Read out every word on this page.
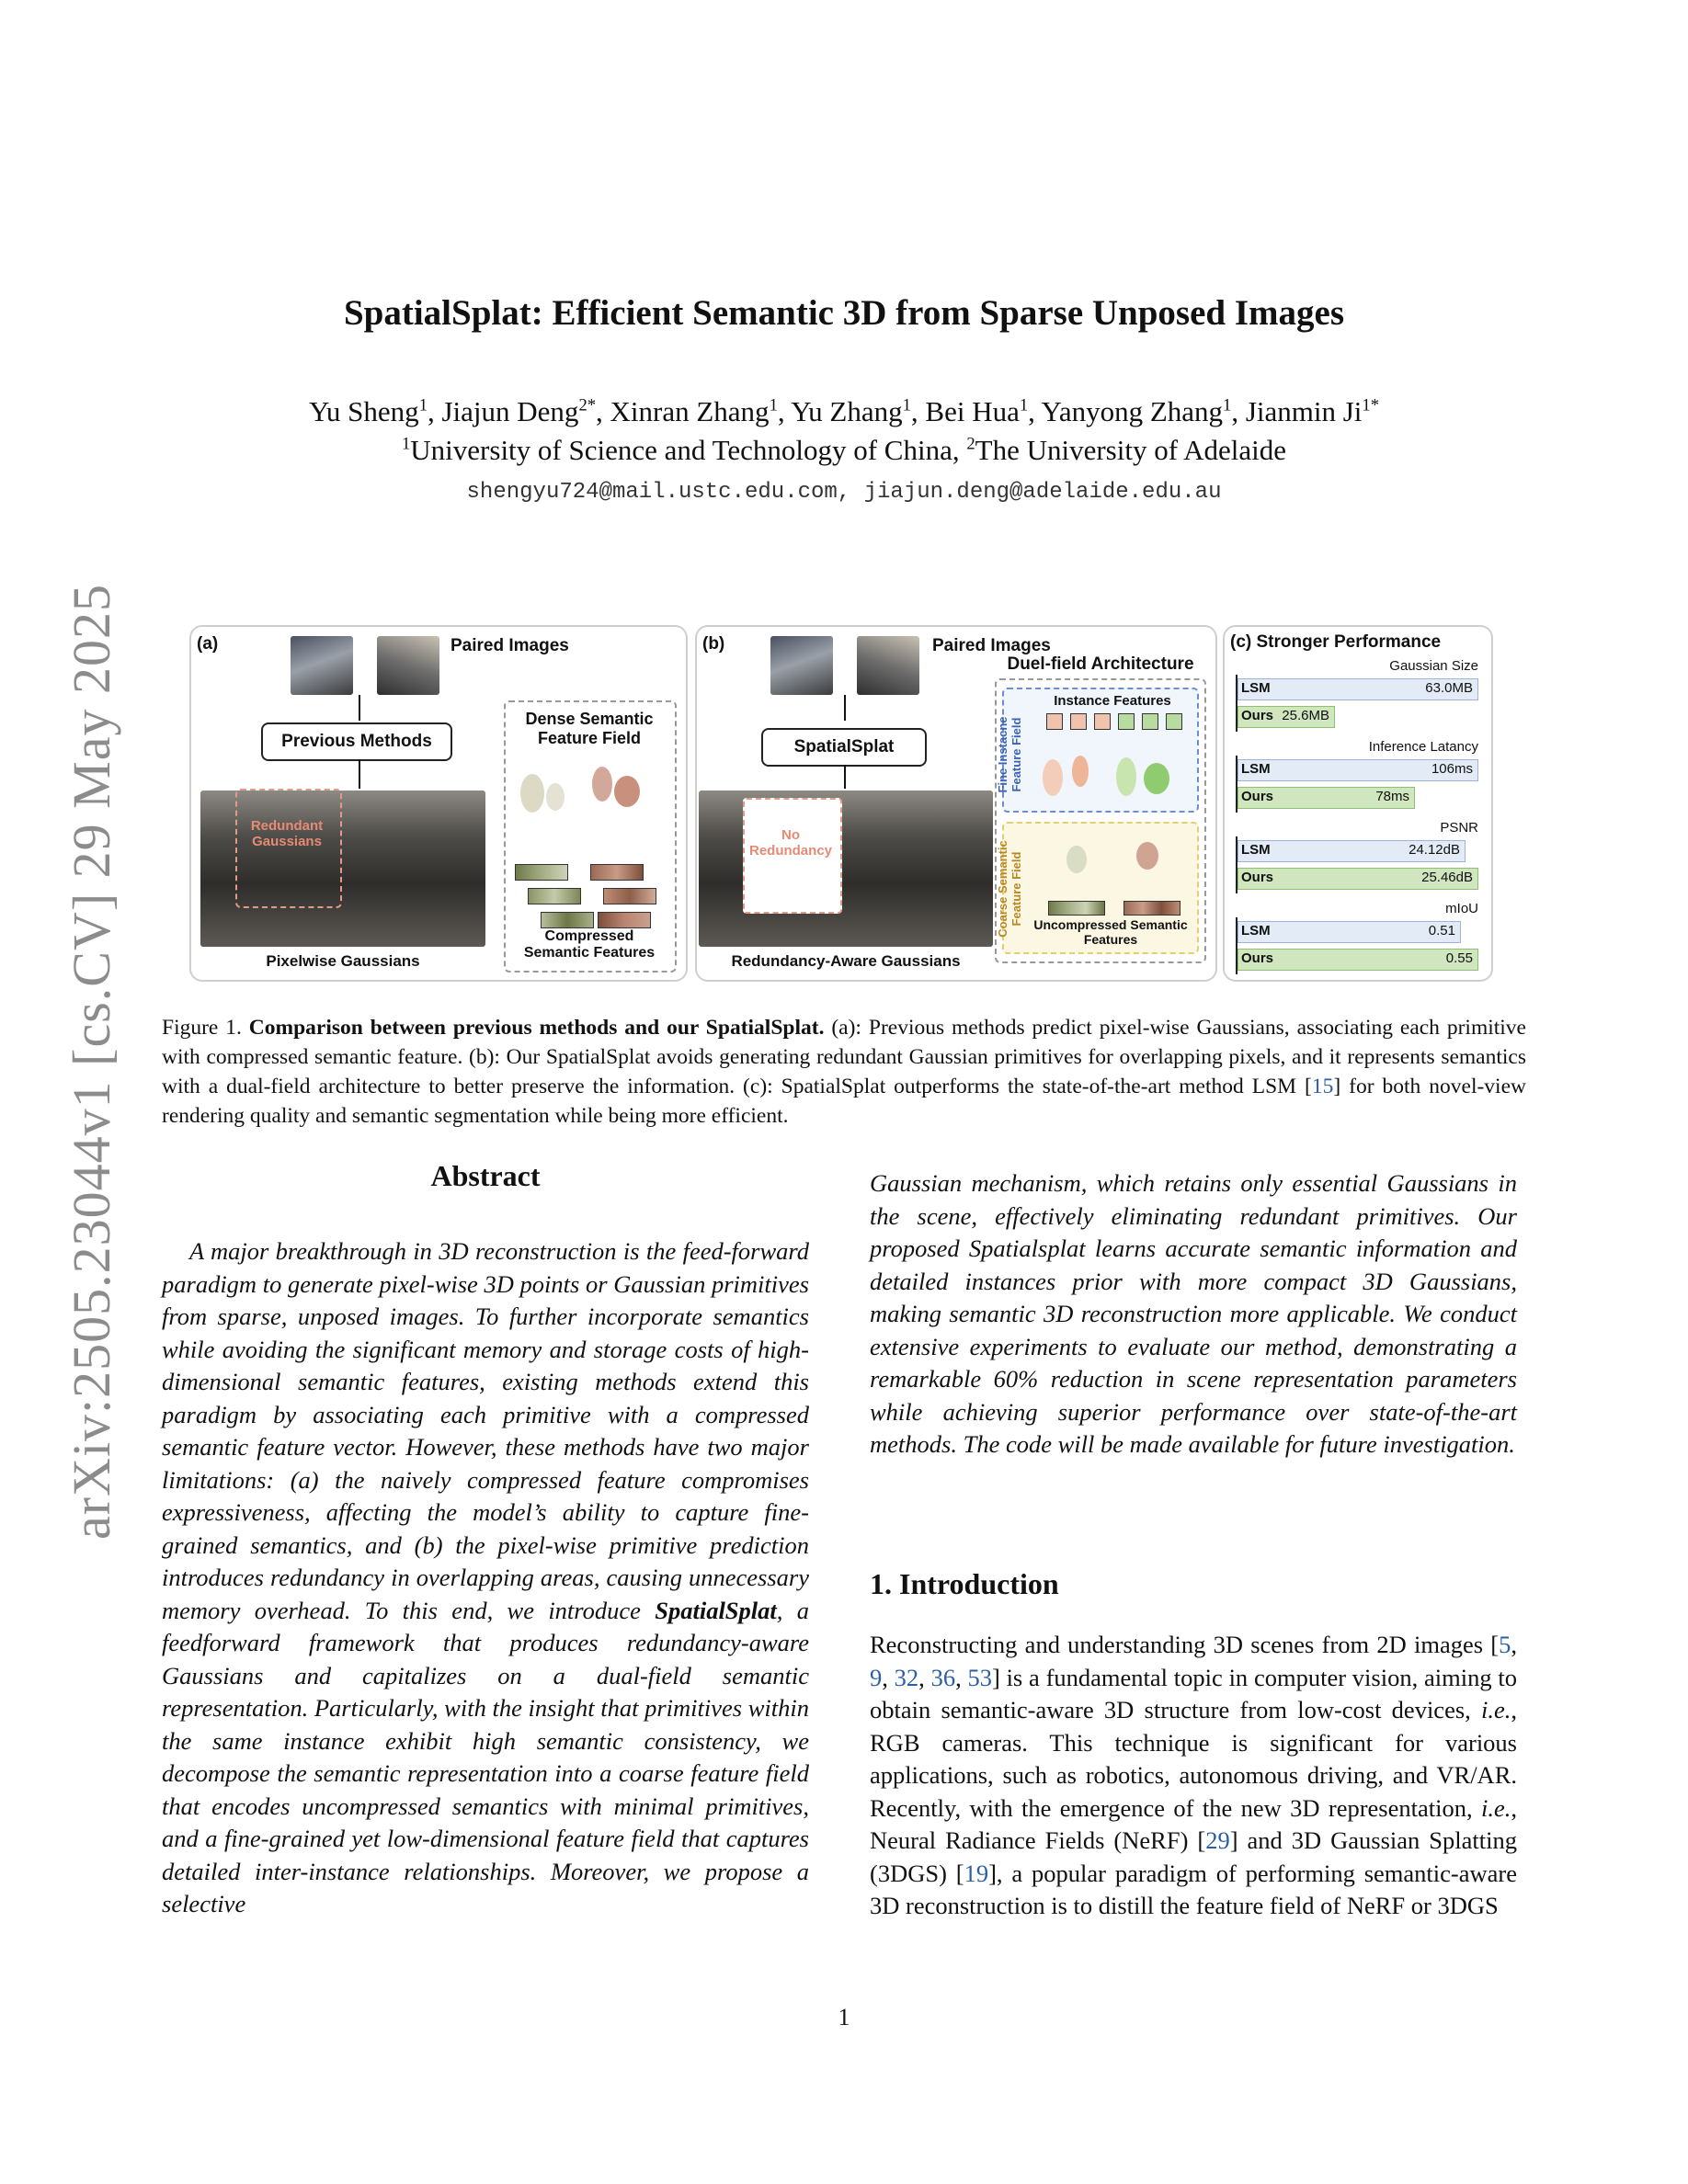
arXiv:2505.23044v1 [cs.CV] 29 May 2025
SpatialSplat: Efficient Semantic 3D from Sparse Unposed Images
Yu Sheng$^1$, Jiajun Deng$^{2*}$, Xinran Zhang$^1$, Yu Zhang$^1$, Bei Hua$^1$, Yanyong Zhang$^1$, Jianmin $Ji^{1*}$
$^1$University of Science and Technology of China, $^2$The University of Adelaide
shengyu724@mail.ustc.edu.com, jiajun.deng@adelaide.edu.au
(a)	Paired Images
Previous Methods
Redundant Gaussians
Dense Semantic Feature Field
Compressed Semantic Features
Pixelwise Gaussians
(b)	Paired Images
SpatialSplat
No Redundancy
Redundancy-Aware Gaussians
Duel-field Architecture
Instance Features
Fine Instacne Feature Field
Coarse Semantic Feature Field Uncompressed Semantic Features
(c) Stronger Performance
Gaussian Size
LSM	63.0MB
Ours 25.6MB
Inference Latancy
LSM	106ms
Ours	78ms
PSNR
LSM	24.12dB
Ours	25.46dB
mIoU
LSM	0.51
Ours	0.55
Figure 1. Comparison between previous methods and our SpatialSplat. (a): Previous methods predict pixel-wise Gaussians, associating each primitive with compressed semantic feature. (b): Our SpatialSplat avoids generating redundant Gaussian primitives for overlapping pixels, and it represents semantics with a dual-field architecture to better preserve the information. (c): SpatialSplat outperforms the state-of-the-art method LSM [15] for both novel-view rendering quality and semantic segmentation while being more efficient.
Abstract
A major breakthrough in 3D reconstruction is the feed-forward paradigm to generate pixel-wise 3D points or Gaussian primitives from sparse, unposed images. To further incorporate semantics while avoiding the significant memory and storage costs of high-dimensional semantic features, existing methods extend this paradigm by associating each primitive with a compressed semantic feature vector. However, these methods have two major limitations: (a) the naively compressed feature compromises expressiveness, affecting the model’s ability to capture fine-grained semantics, and (b) the pixel-wise primitive prediction introduces redundancy in overlapping areas, causing unnecessary memory overhead. To this end, we introduce SpatialSplat, a feedforward framework that produces redundancy-aware Gaussians and capitalizes on a dual-field semantic representation. Particularly, with the insight that primitives within the same instance exhibit high semantic consistency, we decompose the semantic representation into a coarse feature field that encodes uncompressed semantics with minimal primitives, and a fine-grained yet low-dimensional feature field that captures detailed inter-instance relationships. Moreover, we propose a selective
Gaussian mechanism, which retains only essential Gaussians in the scene, effectively eliminating redundant primitives. Our proposed Spatialsplat learns accurate semantic information and detailed instances prior with more compact 3D Gaussians, making semantic 3D reconstruction more applicable. We conduct extensive experiments to evaluate our method, demonstrating a remarkable 60% reduction in scene representation parameters while achieving superior performance over state-of-the-art methods. The code will be made available for future investigation.
1. Introduction
Reconstructing and understanding 3D scenes from 2D images [5, 9, 32, 36, 53] is a fundamental topic in computer vision, aiming to obtain semantic-aware 3D structure from low-cost devices, i.e., RGB cameras. This technique is significant for various applications, such as robotics, autonomous driving, and VR/AR. Recently, with the emergence of the new 3D representation, i.e., Neural Radiance Fields (NeRF) [29] and 3D Gaussian Splatting (3DGS) [19], a popular paradigm of performing semantic-aware 3D reconstruction is to distill the feature field of NeRF or 3DGS
1
